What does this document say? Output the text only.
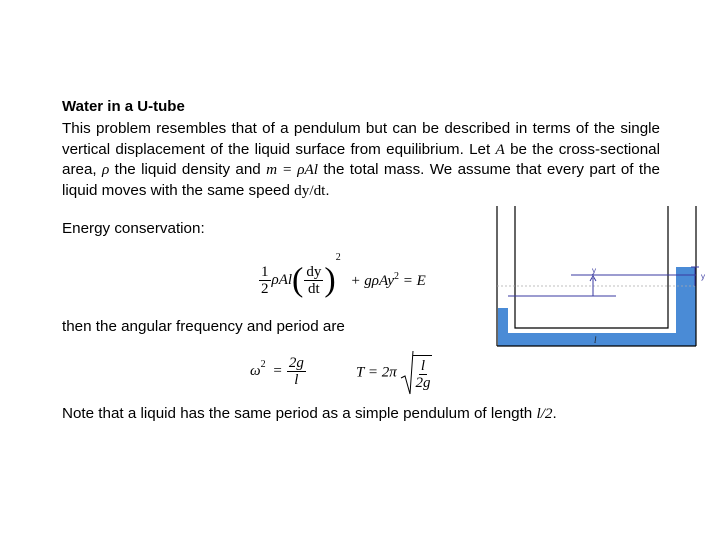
Water in a U-tube
This problem resembles that of a pendulum but can be described in terms of the single vertical displacement of the liquid surface from equilibrium. Let A be the cross-sectional area, ρ the liquid density and m = ρAl the total mass. We assume that every part of the liquid moves with the same speed dy/dt.
Energy conservation:
$\frac{1}{2} \rho Al( \frac{dy}{dt} )^2 + g\rho Ay^2 = E$
then the angular frequency and period are
$\omega^2 = \frac{2g}{l}$	$T = 2\pi \frac{l}{2g}$
Note that a liquid has the same period as a simple pendulum of length l/2.
y
y
l
